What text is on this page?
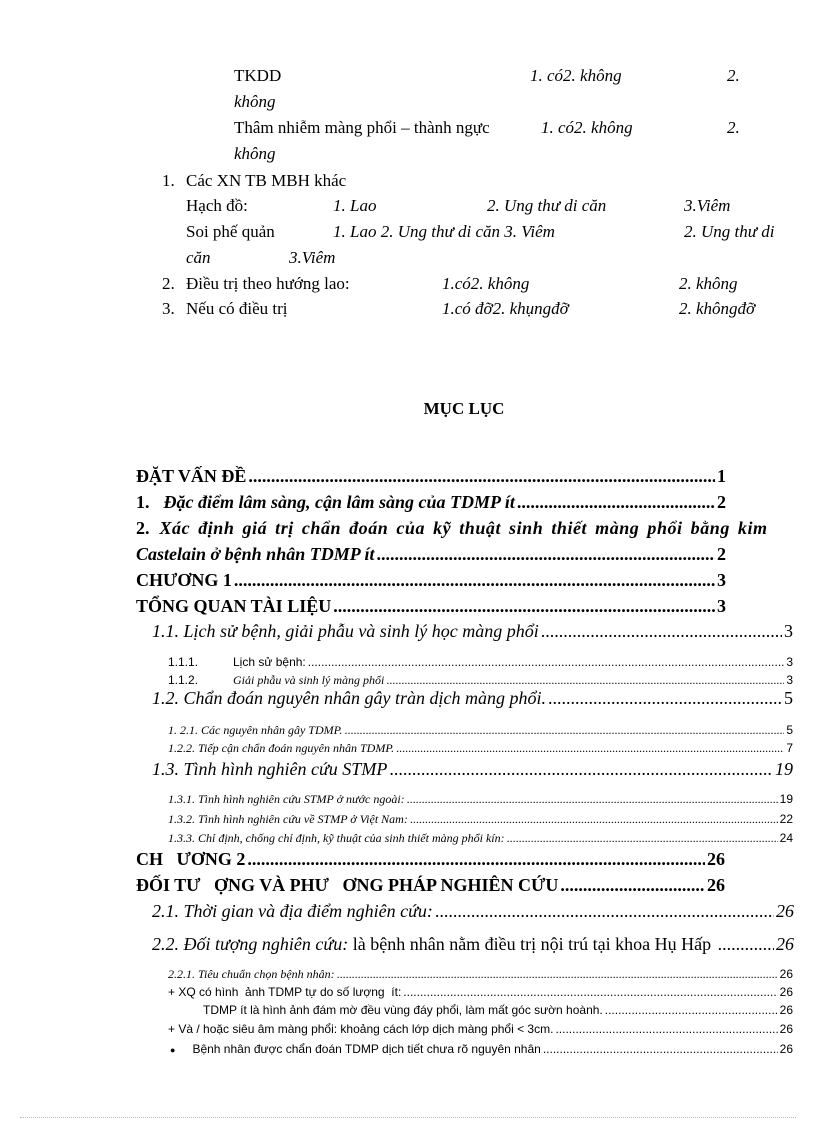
TKDD	1. có2. không	2.
không
Thâm nhiễm màng phổi – thành ngực	1. có2. không	2.
không
1. Các XN TB MBH khác
Hạch đồ:	1. Lao	2. Ung thư di căn	3.Viêm
Soi phế quản	1. Lao 2. Ung thư di căn 3. Viêm	2. Ung thư di
căn	3.Viêm
2. Điều trị theo hướng lao:	1.có2. không	2. không
3. Nếu có điều trị	1.có đỡ2. khụngđỡ	2. khôngđỡ
MỤC LỤC
ĐẶT VẤN ĐỀ .....	1
1. Đặc điểm lâm sàng, cận lâm sàng của TDMP ít .....	2
2. Xác định giá trị chẩn đoán của kỹ thuật sinh thiết màng phổi bằng kim
Castelain ở bệnh nhân TDMP ít .....	2
CHƯƠNG 1 .....	3
TỔNG QUAN TÀI LIỆU .....	3
1.1. Lịch sử bệnh, giải phẫu và sinh lý học màng phổi .....	3
1.1.1.	Lịch sử bệnh: .....	3
1.1.2.	Giải phẫu và sinh lý màng phổi .....	3
1.2. Chẩn đoán nguyên nhân gây tràn dịch màng phổi. .....	5
1. 2.1. Các nguyên nhân gây TDMP. .....	5
1.2.2. Tiếp cận chẩn đoán nguyên nhân TDMP. .....	7
1.3. Tình hình nghiên cứu STMP .....	19
1.3.1. Tình hình nghiên cứu STMP ở nước ngoài: .....	19
1.3.2. Tình hình nghiên cứu về STMP ở Việt Nam: .....	22
1.3.3. Chỉ định, chống chỉ định, kỹ thuật của sinh thiết màng phổi kín: .....	24
CH   ƯƠNG 2 .....	26
ĐỐI TƯ   ỢNG VÀ PHƯ   ƠNG PHÁP NGHIÊN CỨU .....	26
2.1. Thời gian và địa điểm nghiên cứu: .....	26
2.2. Đối tượng nghiên cứu: là bệnh nhân nằm điều trị nội trú tại khoa Hụ Hấp .....	26
2.2.1. Tiêu chuẩn chọn bệnh nhân: .....	26
+ XQ có hình  ảnh TDMP tự do số lượng  ít: .....	26
TDMP ít là hình ảnh đám mờ đều vùng đáy phổi, làm mất góc sườn hoành. .....	26
+ Và / hoặc siêu âm màng phổi: khoảng cách lớp dịch màng phổi < 3cm. .....	26
● Bệnh nhân được chẩn đoán TDMP dịch tiết chưa rõ nguyên nhân .....	26
